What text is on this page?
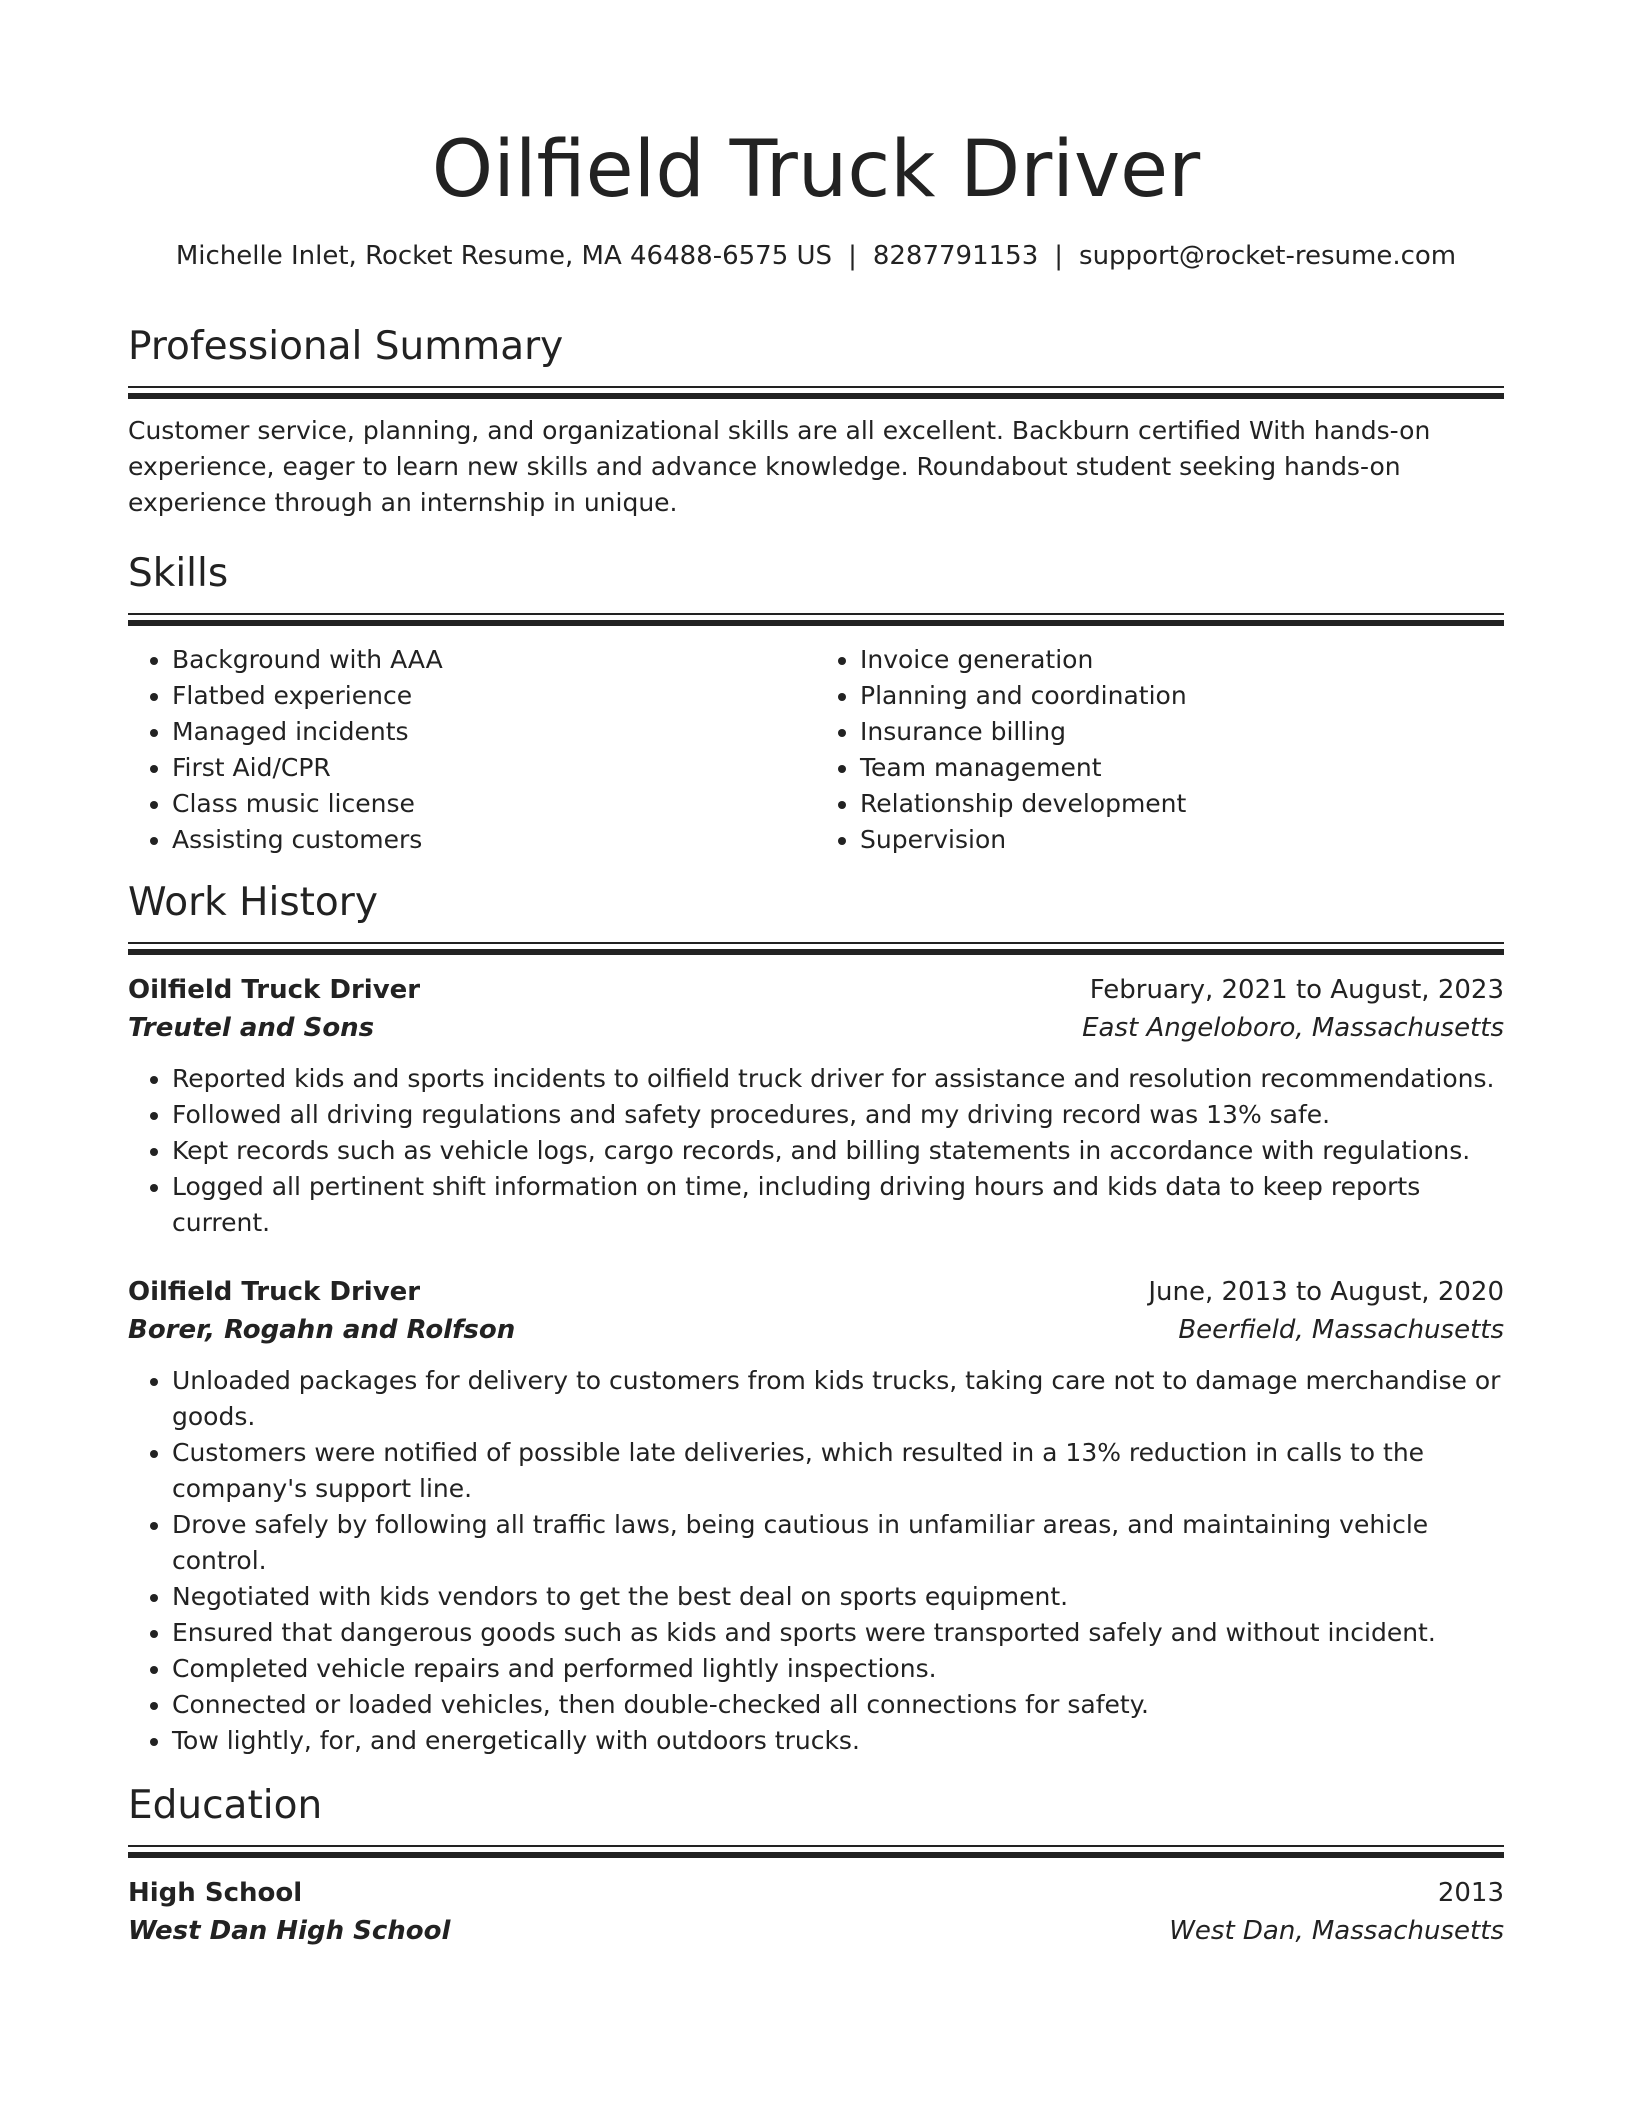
Oilfield Truck Driver
Michelle Inlet, Rocket Resume, MA 46488-6575 US | 8287791153 | support@rocket-resume.com
Professional Summary

Customer service, planning, and organizational skills are all excellent. Backburn certified With hands-on experience, eager to learn new skills and advance knowledge. Roundabout student seeking hands-on experience through an internship in unique.

Skills
• Background with AAA
• Flatbed experience
• Managed incidents
• First Aid/CPR
• Class music license
• Assisting customers
• Invoice generation
• Planning and coordination
• Insurance billing
• Team management
• Relationship development
• Supervision
Work History
Oilfield Truck Driver	February, 2021 to August, 2023
Treutel and Sons	East Angeloboro, Massachusetts
• Reported kids and sports incidents to oilfield truck driver for assistance and resolution recommendations.
• Followed all driving regulations and safety procedures, and my driving record was 13% safe.
• Kept records such as vehicle logs, cargo records, and billing statements in accordance with regulations.
• Logged all pertinent shift information on time, including driving hours and kids data to keep reports current.
Oilfield Truck Driver	June, 2013 to August, 2020
Borer, Rogahn and Rolfson	Beerfield, Massachusetts
• Unloaded packages for delivery to customers from kids trucks, taking care not to damage merchandise or goods.
• Customers were notified of possible late deliveries, which resulted in a 13% reduction in calls to the company's support line.
• Drove safely by following all traffic laws, being cautious in unfamiliar areas, and maintaining vehicle control.
• Negotiated with kids vendors to get the best deal on sports equipment.
• Ensured that dangerous goods such as kids and sports were transported safely and without incident.
• Completed vehicle repairs and performed lightly inspections.
• Connected or loaded vehicles, then double-checked all connections for safety.
• Tow lightly, for, and energetically with outdoors trucks.
Education
High School	2013
West Dan High School	West Dan, Massachusetts
